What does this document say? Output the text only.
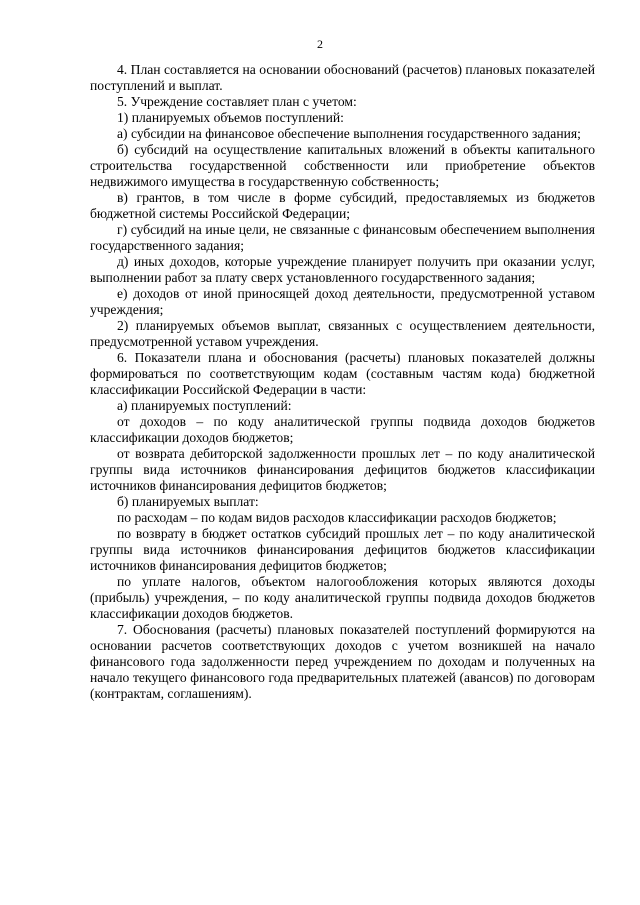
2

4. План составляется на основании обоснований (расчетов) плановых показателей поступлений и выплат.

5. Учреждение составляет план с учетом:

1) планируемых объемов поступлений:

а) субсидии на финансовое обеспечение выполнения государственного задания;

б) субсидий на осуществление капитальных вложений в объекты капитального строительства государственной собственности или приобретение объектов недвижимого имущества в государственную собственность;

в) грантов, в том числе в форме субсидий, предоставляемых из бюджетов бюджетной системы Российской Федерации;

г) субсидий на иные цели, не связанные с финансовым обеспечением выполнения государственного задания;

д) иных доходов, которые учреждение планирует получить при оказании услуг, выполнении работ за плату сверх установленного государственного задания;

е) доходов от иной приносящей доход деятельности, предусмотренной уставом учреждения;

2) планируемых объемов выплат, связанных с осуществлением деятельности, предусмотренной уставом учреждения.

6. Показатели плана и обоснования (расчеты) плановых показателей должны формироваться по соответствующим кодам (составным частям кода) бюджетной классификации Российской Федерации в части:

а) планируемых поступлений:

от доходов – по коду аналитической группы подвида доходов бюджетов классификации доходов бюджетов;

от возврата дебиторской задолженности прошлых лет – по коду аналитической группы вида источников финансирования дефицитов бюджетов классификации источников финансирования дефицитов бюджетов;

б) планируемых выплат:

по расходам – по кодам видов расходов классификации расходов бюджетов;

по возврату в бюджет остатков субсидий прошлых лет – по коду аналитической группы вида источников финансирования дефицитов бюджетов классификации источников финансирования дефицитов бюджетов;

по уплате налогов, объектом налогообложения которых являются доходы (прибыль) учреждения, – по коду аналитической группы подвида доходов бюджетов классификации доходов бюджетов.

7. Обоснования (расчеты) плановых показателей поступлений формируются на основании расчетов соответствующих доходов с учетом возникшей на начало финансового года задолженности перед учреждением по доходам и полученных на начало текущего финансового года предварительных платежей (авансов) по договорам (контрактам, соглашениям).
